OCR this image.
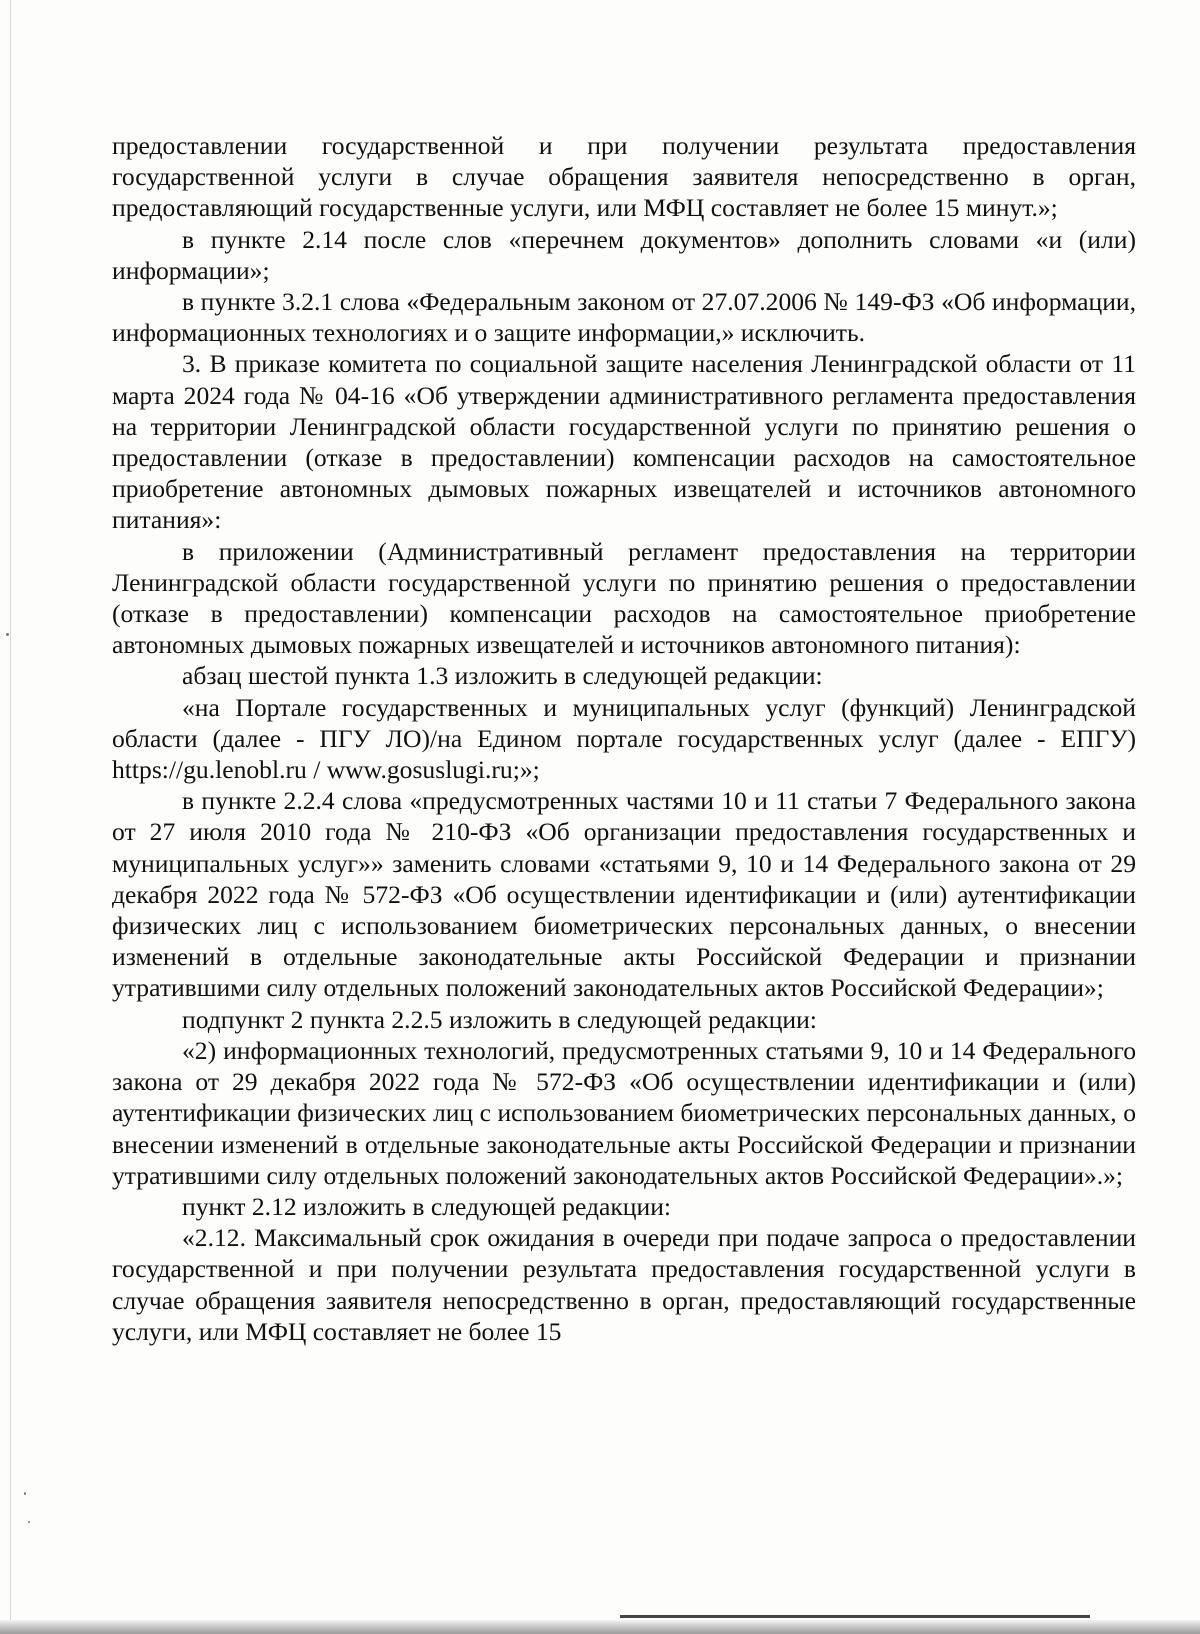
предоставлении государственной и при получении результата предоставления государственной услуги в случае обращения заявителя непосредственно в орган, предоставляющий государственные услуги, или МФЦ составляет не более 15 минут.»;

в пункте 2.14 после слов «перечнем документов» дополнить словами «и (или) информации»;

в пункте 3.2.1 слова «Федеральным законом от 27.07.2006 № 149-ФЗ «Об информации, информационных технологиях и о защите информации,» исключить.

3. В приказе комитета по социальной защите населения Ленинградской области от 11 марта 2024 года № 04-16 «Об утверждении административного регламента предоставления на территории Ленинградской области государственной услуги по принятию решения о предоставлении (отказе в предоставлении) компенсации расходов на самостоятельное приобретение автономных дымовых пожарных извещателей и источников автономного питания»:

в приложении (Административный регламент предоставления на территории Ленинградской области государственной услуги по принятию решения о предоставлении (отказе в предоставлении) компенсации расходов на самостоятельное приобретение автономных дымовых пожарных извещателей и источников автономного питания):

абзац шестой пункта 1.3 изложить в следующей редакции:

«на Портале государственных и муниципальных услуг (функций) Ленинградской области (далее - ПГУ ЛО)/на Едином портале государственных услуг (далее - ЕПГУ) https://gu.lenobl.ru / www.gosuslugi.ru;»;

в пункте 2.2.4 слова «предусмотренных частями 10 и 11 статьи 7 Федерального закона от 27 июля 2010 года № 210-ФЗ «Об организации предоставления государственных и муниципальных услуг»» заменить словами «статьями 9, 10 и 14 Федерального закона от 29 декабря 2022 года № 572-ФЗ «Об осуществлении идентификации и (или) аутентификации физических лиц с использованием биометрических персональных данных, о внесении изменений в отдельные законодательные акты Российской Федерации и признании утратившими силу отдельных положений законодательных актов Российской Федерации»;

подпункт 2 пункта 2.2.5 изложить в следующей редакции:

«2) информационных технологий, предусмотренных статьями 9, 10 и 14 Федерального закона от 29 декабря 2022 года № 572-ФЗ «Об осуществлении идентификации и (или) аутентификации физических лиц с использованием биометрических персональных данных, о внесении изменений в отдельные законодательные акты Российской Федерации и признании утратившими силу отдельных положений законодательных актов Российской Федерации».»;

пункт 2.12 изложить в следующей редакции:

«2.12. Максимальный срок ожидания в очереди при подаче запроса о предоставлении государственной и при получении результата предоставления государственной услуги в случае обращения заявителя непосредственно в орган, предоставляющий государственные услуги, или МФЦ составляет не более 15
